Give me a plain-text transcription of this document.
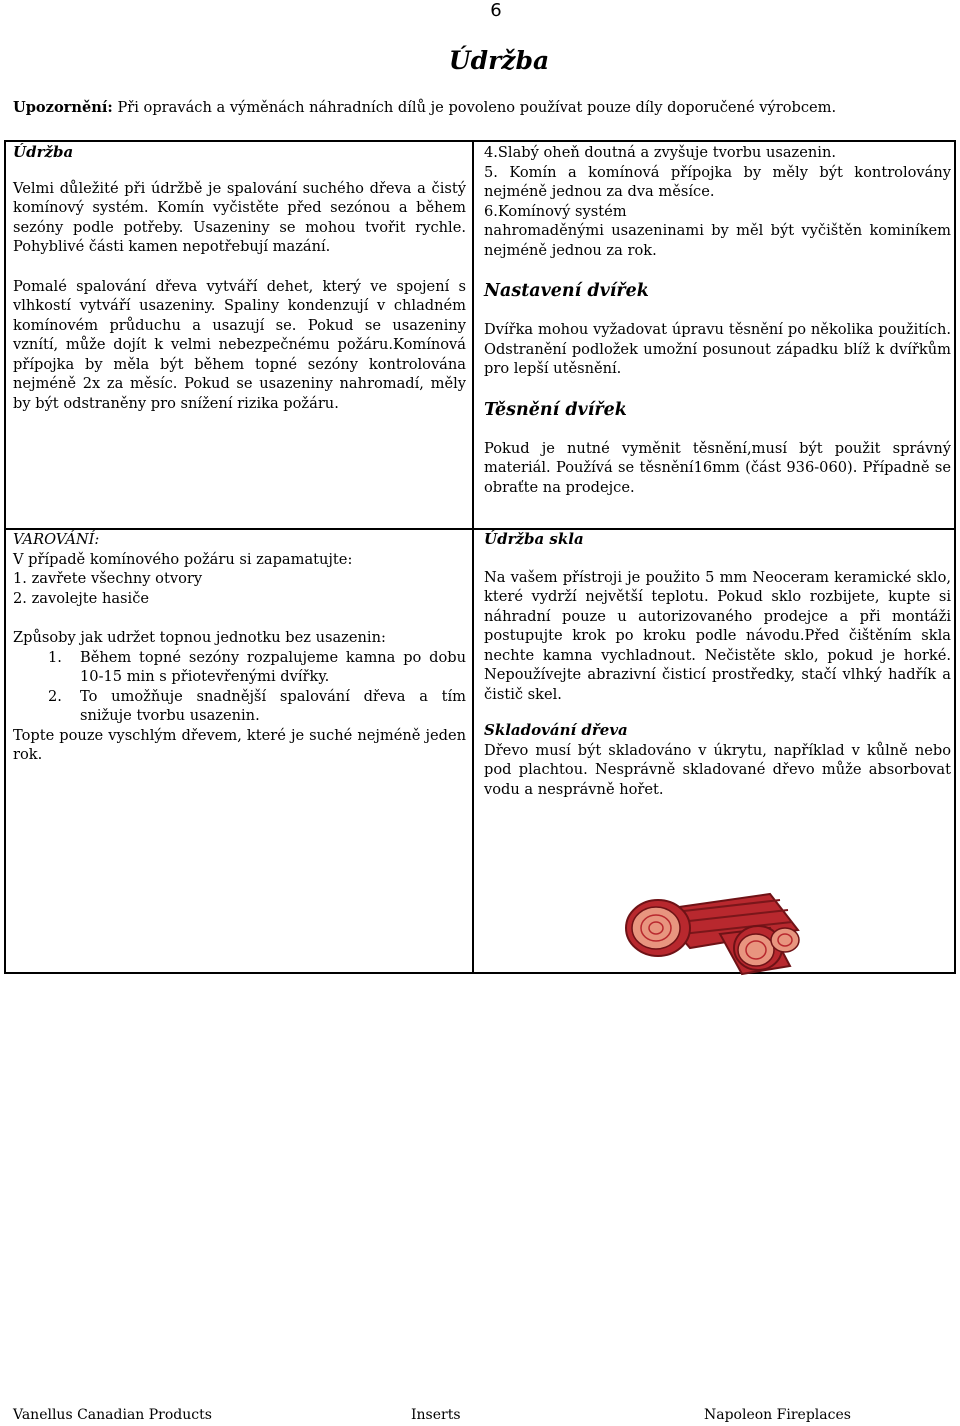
6
Údržba
Upozornění: Při opravách a výměnách náhradních dílů je povoleno používat pouze díly doporučené výrobcem.
Údržba

Velmi důležité při údržbě je spalování suchého dřeva a čistý komínový systém. Komín vyčistěte před sezónou a během sezóny podle potřeby. Usazeniny se mohou tvořit rychle. Pohyblivé části kamen nepotřebují mazání.

Pomalé spalování dřeva vytváří dehet, který ve spojení s vlhkostí vytváří usazeniny. Spaliny kondenzují v chladném komínovém průduchu a usazují se. Pokud se usazeniny vznítí, může dojít k velmi nebezpečnému požáru.Komínová přípojka by měla být během topné sezóny kontrolována nejméně 2x za měsíc. Pokud se usazeniny nahromadí, měly by být odstraněny pro snížení rizika požáru.

4.Slabý oheň doutná a zvyšuje tvorbu usazenin.

5. Komín a komínová přípojka by měly být kontrolovány nejméně jednou za dva měsíce.

6.Komínový systém

nahromaděnými usazeninami by měl být vyčištěn kominíkem nejméně jednou za rok.

Nastavení dvířek

Dvířka mohou vyžadovat úpravu těsnění po několika použitích. Odstranění podložek umožní posunout západku blíž k dvířkům pro lepší utěsnění.

Těsnění dvířek

Pokud je nutné vyměnit těsnění,musí být použit správný materiál. Používá se těsnění16mm (část 936-060). Případně se obraťte na prodejce.

VAROVÁNÍ:

V případě komínového požáru si zapamatujte:

1. zavřete všechny otvory

2. zavolejte hasiče

Způsoby jak udržet topnou jednotku bez usazenin:

1. Během topné sezóny rozpalujeme kamna po dobu 10-15 min s přiotevřenými dvířky.
2. To umožňuje snadnější spalování dřeva a tím snižuje tvorbu usazenin.

Topte pouze vyschlým dřevem, které je suché nejméně jeden rok.

Údržba skla

Na vašem přístroji je použito 5 mm Neoceram keramické sklo, které vydrží největší teplotu. Pokud sklo rozbijete, kupte si náhradní pouze u autorizovaného prodejce a při montáži postupujte krok po kroku podle návodu.Před čištěním skla nechte kamna vychladnout. Nečistěte sklo, pokud je horké. Nepoužívejte abrazivní čisticí prostředky, stačí vlhký hadřík a čistič skel.

Skladování dřeva

Dřevo musí být skladováno v úkrytu, například v kůlně nebo pod plachtou. Nesprávně skladované dřevo může absorbovat vodu a nesprávně hořet.

Vanellus Canadian Products	Inserts	Napoleon Fireplaces
